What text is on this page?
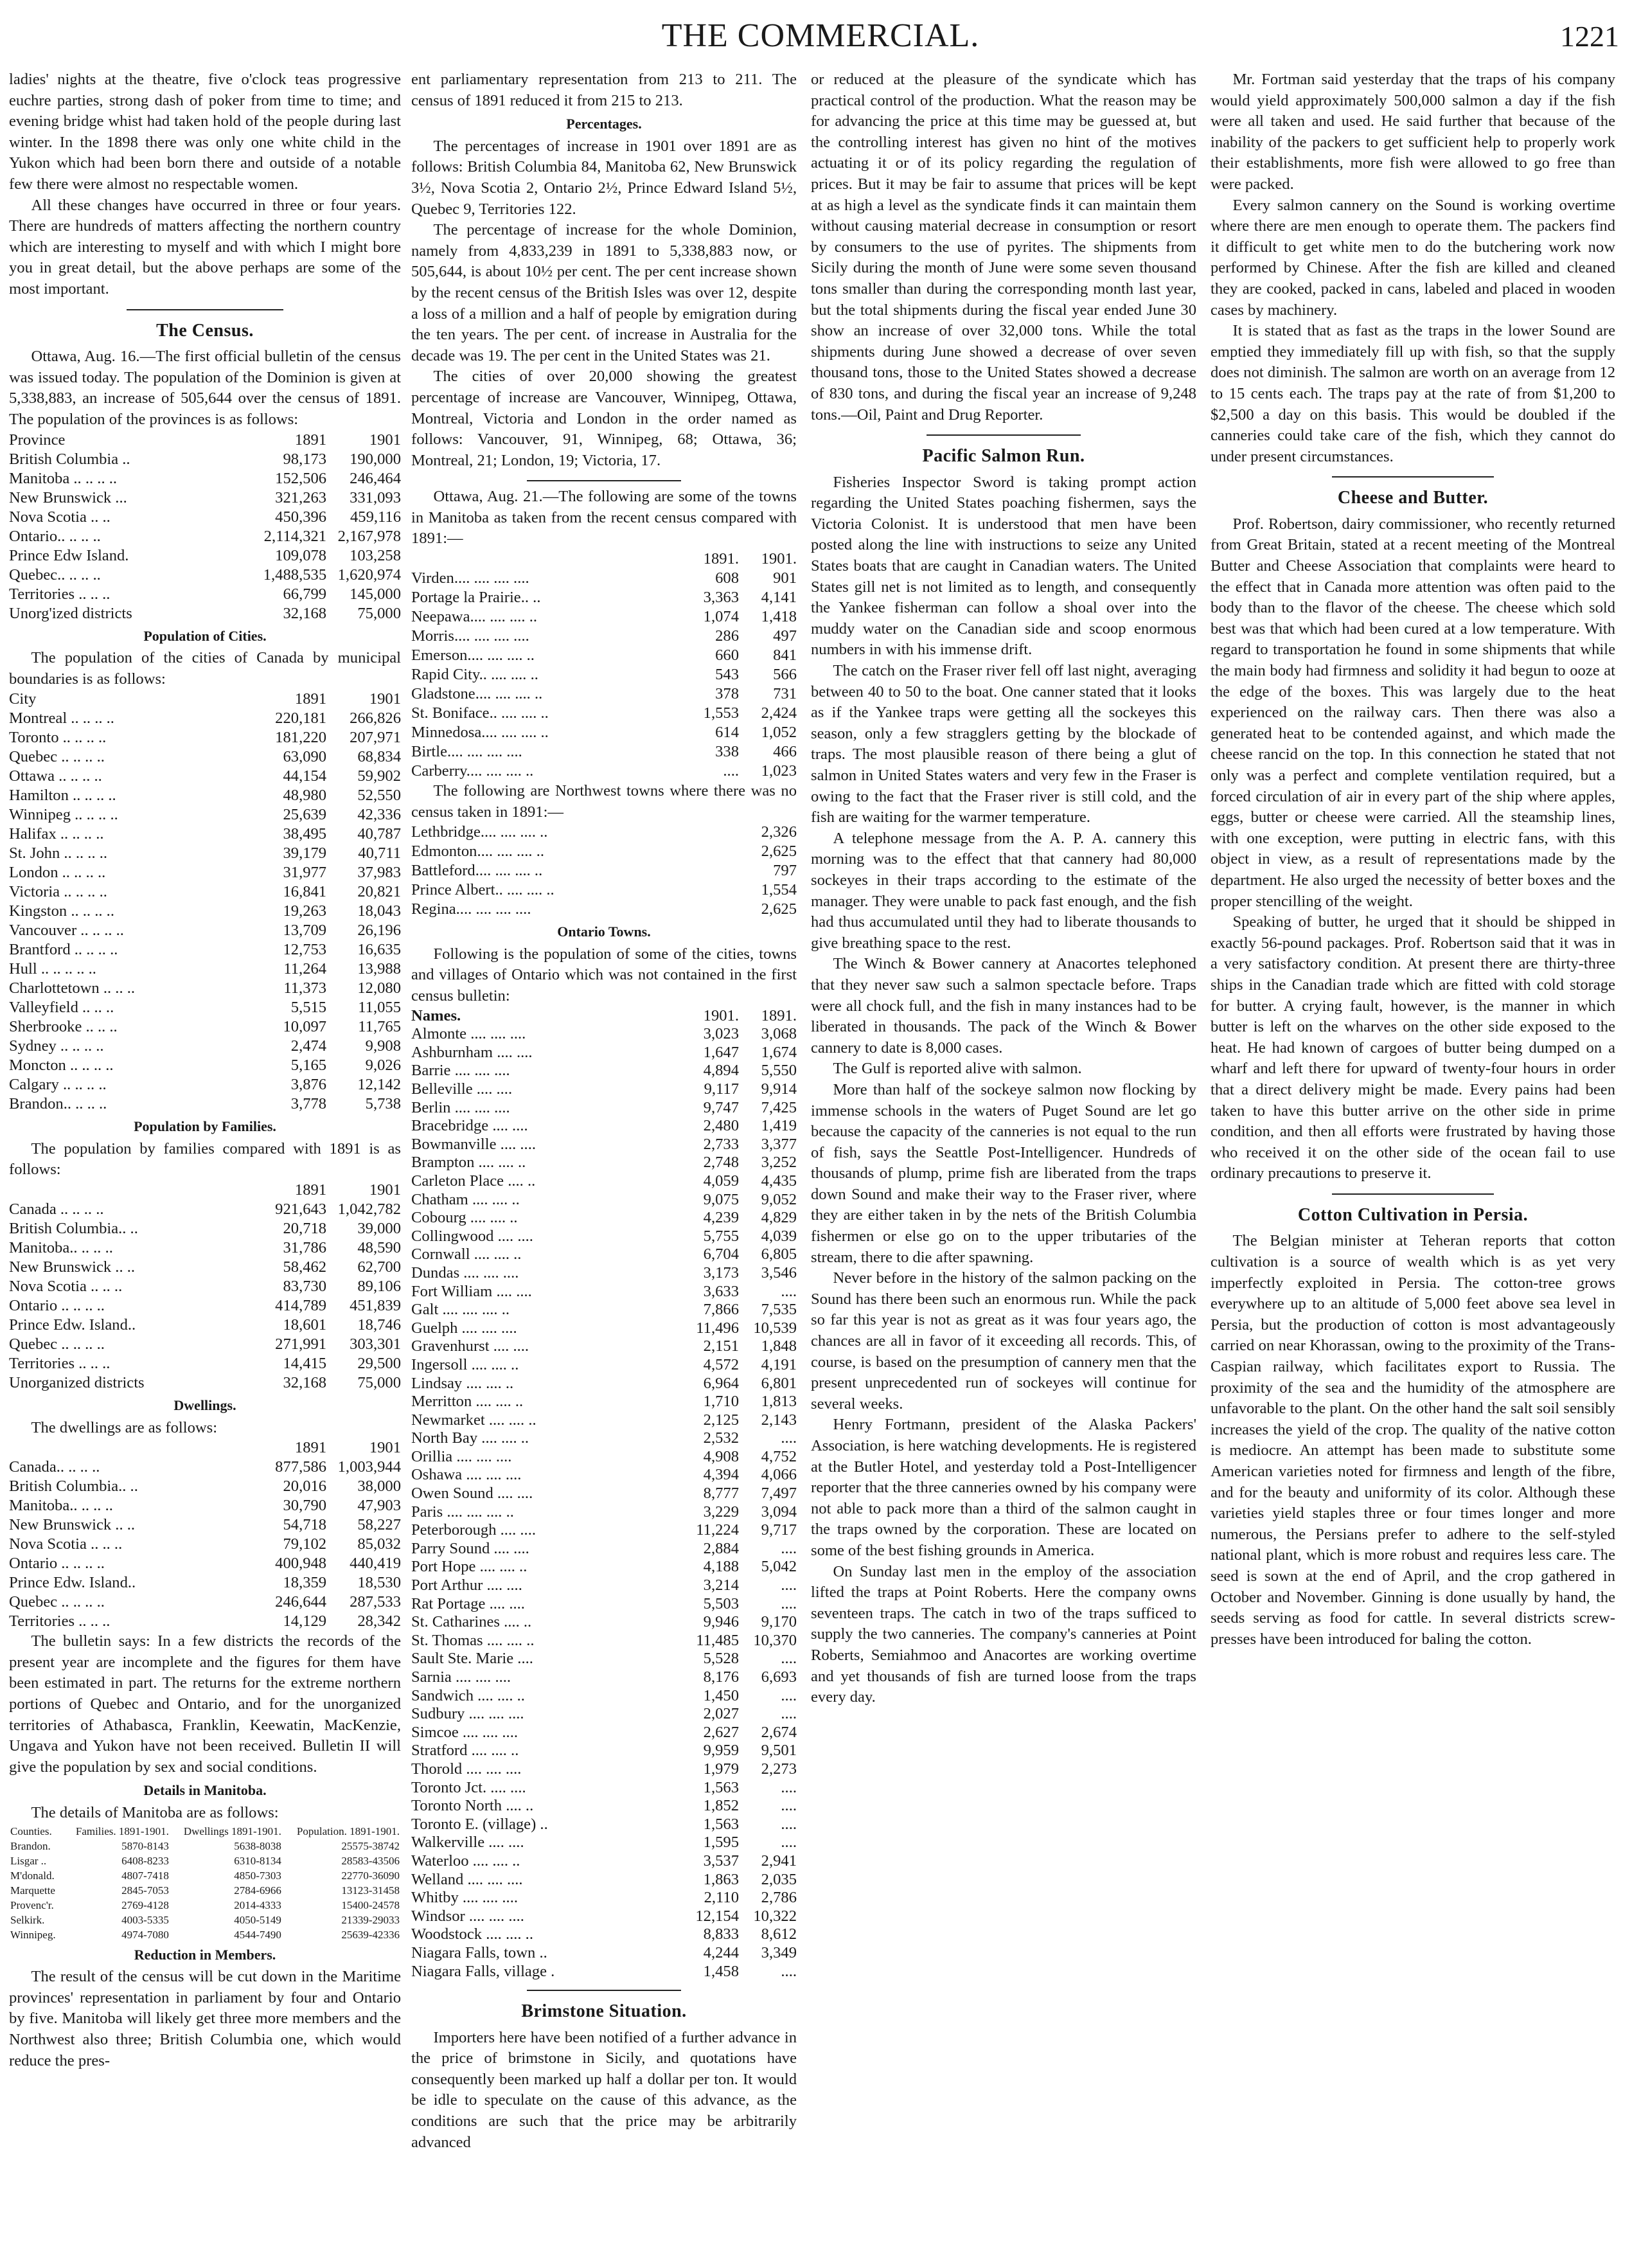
THE COMMERCIAL.	1221

ladies' nights at the theatre, five o'clock teas progressive euchre parties, strong dash of poker from time to time; and evening bridge whist had taken hold of the people during last winter. In the 1898 there was only one white child in the Yukon which had been born there and outside of a notable few there were almost no respectable women.

All these changes have occurred in three or four years. There are hundreds of matters affecting the northern country which are interesting to myself and with which I might bore you in great detail, but the above perhaps are some of the most important.

The Census.

Ottawa, Aug. 16.—The first official bulletin of the census was issued today. The population of the Dominion is given at 5,338,883, an increase of 505,644 over the census of 1891. The population of the provinces is as follows:

Province	1891	1901
British Columbia ..	98,173	190,000
Manitoba .. .. .. ..	152,506	246,464
New Brunswick ...	321,263	331,093
Nova Scotia .. ..	450,396	459,116
Ontario.. .. .. ..	2,114,321	2,167,978
Prince Edw Island.	109,078	103,258
Quebec.. .. .. ..	1,488,535	1,620,974
Territories .. .. ..	66,799	145,000
Unorg'ized districts	32,168	75,000
Population of Cities.

The population of the cities of Canada by municipal boundaries is as follows:

City	1891	1901
Montreal .. .. .. ..	220,181	266,826
Toronto .. .. .. ..	181,220	207,971
Quebec .. .. .. ..	63,090	68,834
Ottawa .. .. .. ..	44,154	59,902
Hamilton .. .. .. ..	48,980	52,550
Winnipeg .. .. .. ..	25,639	42,336
Halifax .. .. .. ..	38,495	40,787
St. John .. .. .. ..	39,179	40,711
London .. .. .. ..	31,977	37,983
Victoria .. .. .. ..	16,841	20,821
Kingston .. .. .. ..	19,263	18,043
Vancouver .. .. .. ..	13,709	26,196
Brantford .. .. .. ..	12,753	16,635
Hull .. .. .. .. ..	11,264	13,988
Charlottetown .. .. ..	11,373	12,080
Valleyfield .. .. ..	5,515	11,055
Sherbrooke .. .. ..	10,097	11,765
Sydney .. .. .. ..	2,474	9,908
Moncton .. .. .. ..	5,165	9,026
Calgary .. .. .. ..	3,876	12,142
Brandon.. .. .. ..	3,778	5,738
Population by Families.

The population by families compared with 1891 is as follows:

	1891	1901
Canada .. .. .. ..	921,643	1,042,782
British Columbia.. ..	20,718	39,000
Manitoba.. .. .. ..	31,786	48,590
New Brunswick .. ..	58,462	62,700
Nova Scotia .. .. ..	83,730	89,106
Ontario .. .. .. ..	414,789	451,839
Prince Edw. Island..	18,601	18,746
Quebec .. .. .. ..	271,991	303,301
Territories .. .. ..	14,415	29,500
Unorganized districts	32,168	75,000
Dwellings.

The dwellings are as follows:

	1891	1901
Canada.. .. .. ..	877,586	1,003,944
British Columbia.. ..	20,016	38,000
Manitoba.. .. .. ..	30,790	47,903
New Brunswick .. ..	54,718	58,227
Nova Scotia .. .. ..	79,102	85,032
Ontario .. .. .. ..	400,948	440,419
Prince Edw. Island..	18,359	18,530
Quebec .. .. .. ..	246,644	287,533
Territories .. .. ..	14,129	28,342

The bulletin says: In a few districts the records of the present year are incomplete and the figures for them have been estimated in part. The returns for the extreme northern portions of Quebec and Ontario, and for the unorganized territories of Athabasca, Franklin, Keewatin, MacKenzie, Ungava and Yukon have not been received. Bulletin II will give the population by sex and social conditions.

Details in Manitoba.

The details of Manitoba are as follows:

Counties.	Families. 1891-1901.	Dwellings 1891-1901.	Population. 1891-1901.
Brandon.	5870-8143	5638-8038	25575-38742
Lisgar ..	6408-8233	6310-8134	28583-43506
M'donald.	4807-7418	4850-7303	22770-36090
Marquette	2845-7053	2784-6966	13123-31458
Provenc'r.	2769-4128	2014-4333	15400-24578
Selkirk.	4003-5335	4050-5149	21339-29033
Winnipeg.	4974-7080	4544-7490	25639-42336
Reduction in Members.

The result of the census will be cut down in the Maritime provinces' representation in parliament by four and Ontario by five. Manitoba will likely get three more members and the Northwest also three; British Columbia one, which would reduce the pres-

ent parliamentary representation from 213 to 211. The census of 1891 reduced it from 215 to 213.

Percentages.

The percentages of increase in 1901 over 1891 are as follows: British Columbia 84, Manitoba 62, New Brunswick 3½, Nova Scotia 2, Ontario 2½, Prince Edward Island 5½, Quebec 9, Territories 122.

The percentage of increase for the whole Dominion, namely from 4,833,239 in 1891 to 5,338,883 now, or 505,644, is about 10½ per cent. The per cent increase shown by the recent census of the British Isles was over 12, despite a loss of a million and a half of people by emigration during the ten years. The per cent. of increase in Australia for the decade was 19. The per cent in the United States was 21.

The cities of over 20,000 showing the greatest percentage of increase are Vancouver, Winnipeg, Ottawa, Montreal, Victoria and London in the order named as follows: Vancouver, 91, Winnipeg, 68; Ottawa, 36; Montreal, 21; London, 19; Victoria, 17.

Ottawa, Aug. 21.—The following are some of the towns in Manitoba as taken from the recent census compared with 1891:—

	1891.	1901.
Virden.... .... .... ....	608	901
Portage la Prairie.. ..	3,363	4,141
Neepawa.... .... .... ..	1,074	1,418
Morris.... .... .... ....	286	497
Emerson.... .... .... ..	660	841
Rapid City.. .... .... ..	543	566
Gladstone.... .... .... ..	378	731
St. Boniface.. .... .... ..	1,553	2,424
Minnedosa.... .... .... ..	614	1,052
Birtle.... .... .... ....	338	466
Carberry.... .... .... ..	....	1,023

The following are Northwest towns where there was no census taken in 1891:—

Lethbridge.... .... .... ..	2,326
Edmonton.... .... .... ..	2,625
Battleford.... .... .... ..	797
Prince Albert.. .... .... ..	1,554
Regina.... .... .... ....	2,625
Ontario Towns.

Following is the population of some of the cities, towns and villages of Ontario which was not contained in the first census bulletin:

Names.	1901.	1891.
Almonte .... .... ....	3,023	3,068
Ashburnham .... ....	1,647	1,674
Barrie .... .... ....	4,894	5,550
Belleville .... ....	9,117	9,914
Berlin .... .... ....	9,747	7,425
Bracebridge .... ....	2,480	1,419
Bowmanville .... ....	2,733	3,377
Brampton .... .... ..	2,748	3,252
Carleton Place .... ..	4,059	4,435
Chatham .... .... ..	9,075	9,052
Cobourg .... .... ..	4,239	4,829
Collingwood .... ....	5,755	4,039
Cornwall .... .... ..	6,704	6,805
Dundas .... .... ....	3,173	3,546
Fort William .... ....	3,633	....
Galt .... .... .... ..	7,866	7,535
Guelph .... .... ....	11,496	10,539
Gravenhurst .... ....	2,151	1,848
Ingersoll .... .... ..	4,572	4,191
Lindsay .... .... ..	6,964	6,801
Merritton .... .... ..	1,710	1,813
Newmarket .... .... ..	2,125	2,143
North Bay .... .... ..	2,532	....
Orillia .... .... ....	4,908	4,752
Oshawa .... .... ....	4,394	4,066
Owen Sound .... ....	8,777	7,497
Paris .... .... .... ..	3,229	3,094
Peterborough .... ....	11,224	9,717
Parry Sound .... ....	2,884	....
Port Hope .... .... ..	4,188	5,042
Port Arthur .... ....	3,214	....
Rat Portage .... ....	5,503	....
St. Catharines .... ..	9,946	9,170
St. Thomas .... .... ..	11,485	10,370
Sault Ste. Marie ....	5,528	....
Sarnia .... .... ....	8,176	6,693
Sandwich .... .... ..	1,450	....
Sudbury .... .... ....	2,027	....
Simcoe .... .... ....	2,627	2,674
Stratford .... .... ..	9,959	9,501
Thorold .... .... ....	1,979	2,273
Toronto Jct. .... ....	1,563	....
Toronto North .... ..	1,852	....
Toronto E. (village) ..	1,563	....
Walkerville .... ....	1,595	....
Waterloo .... .... ..	3,537	2,941
Welland .... .... ....	1,863	2,035
Whitby .... .... ....	2,110	2,786
Windsor .... .... ....	12,154	10,322
Woodstock .... .... ..	8,833	8,612
Niagara Falls, town ..	4,244	3,349
Niagara Falls, village .	1,458	....
Brimstone Situation.

Importers here have been notified of a further advance in the price of brimstone in Sicily, and quotations have consequently been marked up half a dollar per ton. It would be idle to speculate on the cause of this advance, as the conditions are such that the price may be arbitrarily advanced

or reduced at the pleasure of the syndicate which has practical control of the production. What the reason may be for advancing the price at this time may be guessed at, but the controlling interest has given no hint of the motives actuating it or of its policy regarding the regulation of prices. But it may be fair to assume that prices will be kept at as high a level as the syndicate finds it can maintain them without causing material decrease in consumption or resort by consumers to the use of pyrites. The shipments from Sicily during the month of June were some seven thousand tons smaller than during the corresponding month last year, but the total shipments during the fiscal year ended June 30 show an increase of over 32,000 tons. While the total shipments during June showed a decrease of over seven thousand tons, those to the United States showed a decrease of 830 tons, and during the fiscal year an increase of 9,248 tons.—Oil, Paint and Drug Reporter.

Pacific Salmon Run.

Fisheries Inspector Sword is taking prompt action regarding the United States poaching fishermen, says the Victoria Colonist. It is understood that men have been posted along the line with instructions to seize any United States boats that are caught in Canadian waters. The United States gill net is not limited as to length, and consequently the Yankee fisherman can follow a shoal over into the muddy water on the Canadian side and scoop enormous numbers in with his immense drift.

The catch on the Fraser river fell off last night, averaging between 40 to 50 to the boat. One canner stated that it looks as if the Yankee traps were getting all the sockeyes this season, only a few stragglers getting by the blockade of traps. The most plausible reason of there being a glut of salmon in United States waters and very few in the Fraser is owing to the fact that the Fraser river is still cold, and the fish are waiting for the warmer temperature.

A telephone message from the A. P. A. cannery this morning was to the effect that that cannery had 80,000 sockeyes in their traps according to the estimate of the manager. They were unable to pack fast enough, and the fish had thus accumulated until they had to liberate thousands to give breathing space to the rest.

The Winch & Bower cannery at Anacortes telephoned that they never saw such a salmon spectacle before. Traps were all chock full, and the fish in many instances had to be liberated in thousands. The pack of the Winch & Bower cannery to date is 8,000 cases.

The Gulf is reported alive with salmon.

More than half of the sockeye salmon now flocking by immense schools in the waters of Puget Sound are let go because the capacity of the canneries is not equal to the run of fish, says the Seattle Post-Intelligencer. Hundreds of thousands of plump, prime fish are liberated from the traps down Sound and make their way to the Fraser river, where they are either taken in by the nets of the British Columbia fishermen or else go on to the upper tributaries of the stream, there to die after spawning.

Never before in the history of the salmon packing on the Sound has there been such an enormous run. While the pack so far this year is not as great as it was four years ago, the chances are all in favor of it exceeding all records. This, of course, is based on the presumption of cannery men that the present unprecedented run of sockeyes will continue for several weeks.

Henry Fortmann, president of the Alaska Packers' Association, is here watching developments. He is registered at the Butler Hotel, and yesterday told a Post-Intelligencer reporter that the three canneries owned by his company were not able to pack more than a third of the salmon caught in the traps owned by the corporation. These are located on some of the best fishing grounds in America.

On Sunday last men in the employ of the association lifted the traps at Point Roberts. Here the company owns seventeen traps. The catch in two of the traps sufficed to supply the two canneries. The company's canneries at Point Roberts, Semiahmoo and Anacortes are working overtime and yet thousands of fish are turned loose from the traps every day.

Mr. Fortman said yesterday that the traps of his company would yield approximately 500,000 salmon a day if the fish were all taken and used. He said further that because of the inability of the packers to get sufficient help to properly work their establishments, more fish were allowed to go free than were packed.

Every salmon cannery on the Sound is working overtime where there are men enough to operate them. The packers find it difficult to get white men to do the butchering work now performed by Chinese. After the fish are killed and cleaned they are cooked, packed in cans, labeled and placed in wooden cases by machinery.

It is stated that as fast as the traps in the lower Sound are emptied they immediately fill up with fish, so that the supply does not diminish. The salmon are worth on an average from 12 to 15 cents each. The traps pay at the rate of from $1,200 to $2,500 a day on this basis. This would be doubled if the canneries could take care of the fish, which they cannot do under present circumstances.

Cheese and Butter.

Prof. Robertson, dairy commissioner, who recently returned from Great Britain, stated at a recent meeting of the Montreal Butter and Cheese Association that complaints were heard to the effect that in Canada more attention was often paid to the body than to the flavor of the cheese. The cheese which sold best was that which had been cured at a low temperature. With regard to transportation he found in some shipments that while the main body had firmness and solidity it had begun to ooze at the edge of the boxes. This was largely due to the heat experienced on the railway cars. Then there was also a generated heat to be contended against, and which made the cheese rancid on the top. In this connection he stated that not only was a perfect and complete ventilation required, but a forced circulation of air in every part of the ship where apples, eggs, butter or cheese were carried. All the steamship lines, with one exception, were putting in electric fans, with this object in view, as a result of representations made by the department. He also urged the necessity of better boxes and the proper stencilling of the weight.

Speaking of butter, he urged that it should be shipped in exactly 56-pound packages. Prof. Robertson said that it was in a very satisfactory condition. At present there are thirty-three ships in the Canadian trade which are fitted with cold storage for butter. A crying fault, however, is the manner in which butter is left on the wharves on the other side exposed to the heat. He had known of cargoes of butter being dumped on a wharf and left there for upward of twenty-four hours in order that a direct delivery might be made. Every pains had been taken to have this butter arrive on the other side in prime condition, and then all efforts were frustrated by having those who received it on the other side of the ocean fail to use ordinary precautions to preserve it.

Cotton Cultivation in Persia.

The Belgian minister at Teheran reports that cotton cultivation is a source of wealth which is as yet very imperfectly exploited in Persia. The cotton-tree grows everywhere up to an altitude of 5,000 feet above sea level in Persia, but the production of cotton is most advantageously carried on near Khorassan, owing to the proximity of the Trans-Caspian railway, which facilitates export to Russia. The proximity of the sea and the humidity of the atmosphere are unfavorable to the plant. On the other hand the salt soil sensibly increases the yield of the crop. The quality of the native cotton is mediocre. An attempt has been made to substitute some American varieties noted for firmness and length of the fibre, and for the beauty and uniformity of its color. Although these varieties yield staples three or four times longer and more numerous, the Persians prefer to adhere to the self-styled national plant, which is more robust and requires less care. The seed is sown at the end of April, and the crop gathered in October and November. Ginning is done usually by hand, the seeds serving as food for cattle. In several districts screw-presses have been introduced for baling the cotton.
